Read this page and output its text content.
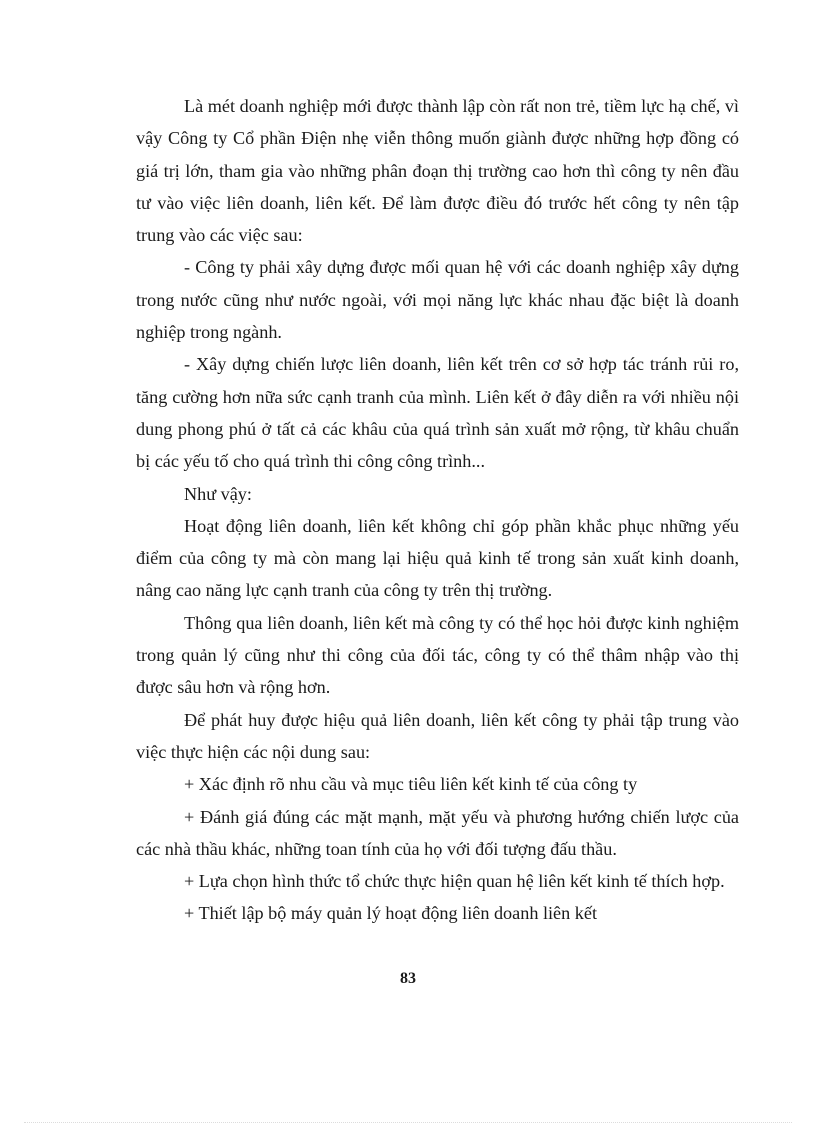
Là mét doanh nghiệp mới được thành lập còn rất non trẻ, tiềm lực hạ chế, vì vậy Công ty Cổ phần Điện nhẹ viễn thông muốn giành được những hợp đồng có giá trị lớn, tham gia vào những phân đoạn thị trường cao hơn thì công ty nên đầu tư vào việc liên doanh, liên kết. Để làm được điều đó trước hết công ty nên tập trung vào các việc sau:

- Công ty phải xây dựng được mối quan hệ với các doanh nghiệp xây dựng trong nước cũng như nước ngoài, với mọi năng lực khác nhau đặc biệt là doanh nghiệp trong ngành.

- Xây dựng chiến lược liên doanh, liên kết trên cơ sở hợp tác tránh rủi ro, tăng cường hơn nữa sức cạnh tranh của mình. Liên kết ở đây diễn ra với nhiều nội dung phong phú ở tất cả các khâu của quá trình sản xuất mở rộng, từ khâu chuẩn bị các yếu tố cho quá trình thi công công trình...

Như vậy:

Hoạt động liên doanh, liên kết không chỉ góp phần khắc phục những yếu điểm của công ty mà còn mang lại hiệu quả kinh tế trong sản xuất kinh doanh, nâng cao năng lực cạnh tranh của công ty trên thị trường.

Thông qua liên doanh, liên kết mà công ty có thể học hỏi được kinh nghiệm trong quản lý cũng như thi công của đối tác, công ty có thể thâm nhập vào thị được sâu hơn và rộng hơn.

Để phát huy được hiệu quả liên doanh, liên kết công ty phải tập trung vào việc thực hiện các nội dung sau:

+ Xác định rõ nhu cầu và mục tiêu liên kết kinh tế của công ty

+ Đánh giá đúng các mặt mạnh, mặt yếu và phương hướng chiến lược của các nhà thầu khác, những toan tính của họ với đối tượng đấu thầu.

+ Lựa chọn hình thức tổ chức thực hiện quan hệ liên kết kinh tế thích hợp.

+ Thiết lập bộ máy quản lý hoạt động liên doanh liên kết

83
